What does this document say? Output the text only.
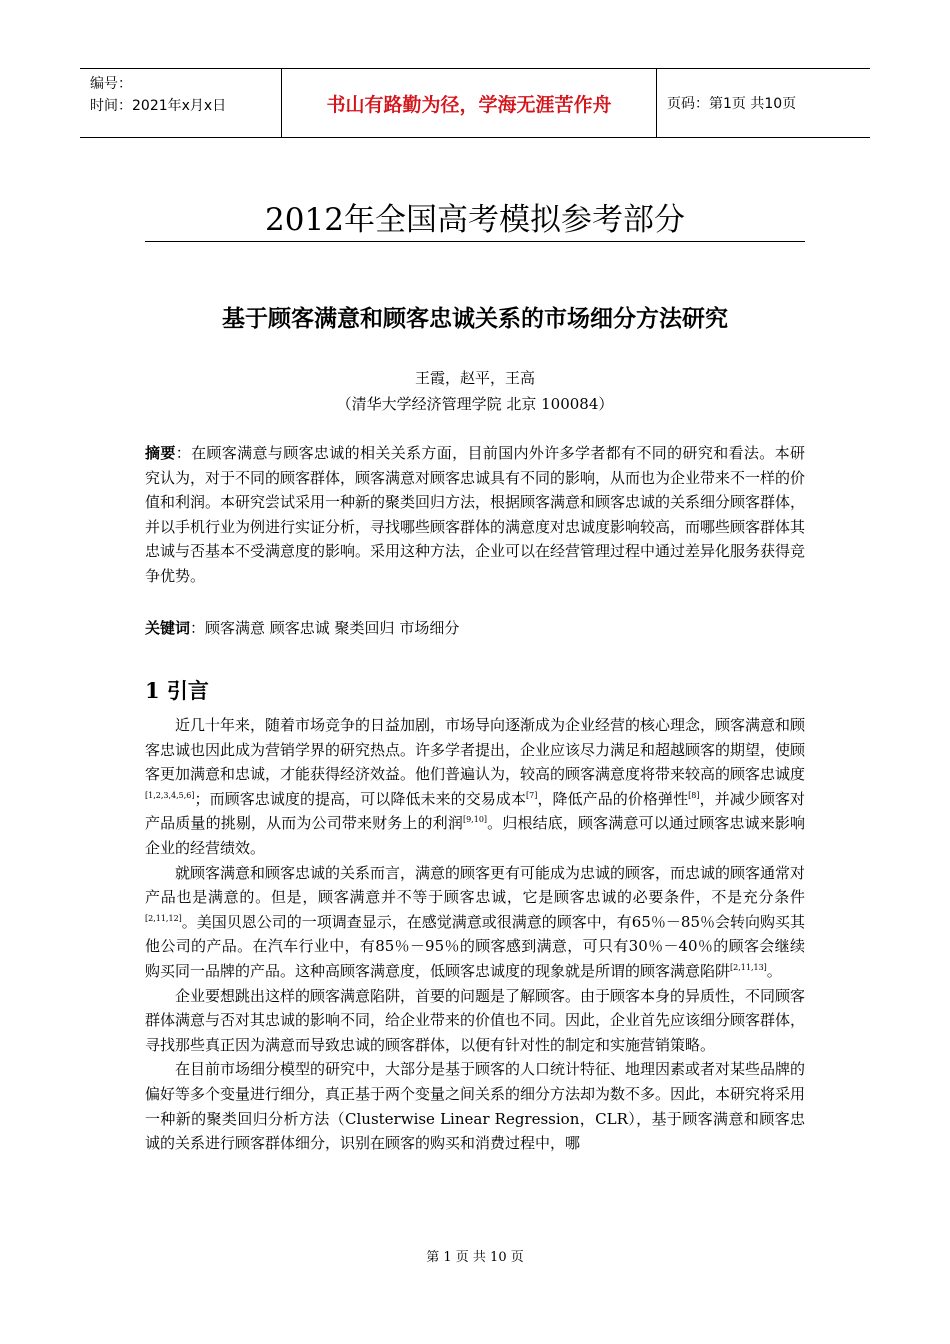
编号：
时间：2021年x月x日	书山有路勤为径，学海无涯苦作舟	页码：第1页 共10页
2012年全国高考模拟参考部分
基于顾客满意和顾客忠诚关系的市场细分方法研究
王霞，赵平，王高
（清华大学经济管理学院 北京 100084）

摘要：在顾客满意与顾客忠诚的相关关系方面，目前国内外许多学者都有不同的研究和看法。本研究认为，对于不同的顾客群体，顾客满意对顾客忠诚具有不同的影响，从而也为企业带来不一样的价值和利润。本研究尝试采用一种新的聚类回归方法，根据顾客满意和顾客忠诚的关系细分顾客群体，并以手机行业为例进行实证分析，寻找哪些顾客群体的满意度对忠诚度影响较高，而哪些顾客群体其忠诚与否基本不受满意度的影响。采用这种方法，企业可以在经营管理过程中通过差异化服务获得竞争优势。

关键词：顾客满意 顾客忠诚 聚类回归 市场细分

1 引言

近几十年来，随着市场竞争的日益加剧，市场导向逐渐成为企业经营的核心理念，顾客满意和顾客忠诚也因此成为营销学界的研究热点。许多学者提出，企业应该尽力满足和超越顾客的期望，使顾客更加满意和忠诚，才能获得经济效益。他们普遍认为，较高的顾客满意度将带来较高的顾客忠诚度[1,2,3,4,5,6]；而顾客忠诚度的提高，可以降低未来的交易成本[7]，降低产品的价格弹性[8]，并减少顾客对产品质量的挑剔，从而为公司带来财务上的利润[9,10]。归根结底，顾客满意可以通过顾客忠诚来影响企业的经营绩效。

就顾客满意和顾客忠诚的关系而言，满意的顾客更有可能成为忠诚的顾客，而忠诚的顾客通常对产品也是满意的。但是，顾客满意并不等于顾客忠诚，它是顾客忠诚的必要条件，不是充分条件[2,11,12]。美国贝恩公司的一项调查显示，在感觉满意或很满意的顾客中，有65％－85％会转向购买其他公司的产品。在汽车行业中，有85％－95％的顾客感到满意，可只有30％－40％的顾客会继续购买同一品牌的产品。这种高顾客满意度，低顾客忠诚度的现象就是所谓的顾客满意陷阱[2,11,13]。

企业要想跳出这样的顾客满意陷阱，首要的问题是了解顾客。由于顾客本身的异质性，不同顾客群体满意与否对其忠诚的影响不同，给企业带来的价值也不同。因此，企业首先应该细分顾客群体，寻找那些真正因为满意而导致忠诚的顾客群体，以便有针对性的制定和实施营销策略。

在目前市场细分模型的研究中，大部分是基于顾客的人口统计特征、地理因素或者对某些品牌的偏好等多个变量进行细分，真正基于两个变量之间关系的细分方法却为数不多。因此，本研究将采用一种新的聚类回归分析方法（Clusterwise Linear Regression，CLR），基于顾客满意和顾客忠诚的关系进行顾客群体细分，识别在顾客的购买和消费过程中，哪

第 1 页 共 10 页
